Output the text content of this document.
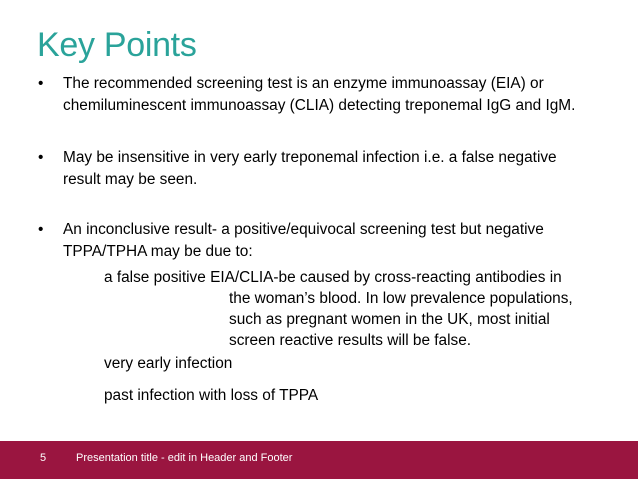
Key Points
•	The recommended screening test is an enzyme immunoassay (EIA) or
chemiluminescent immunoassay (CLIA) detecting treponemal IgG and IgM.
•	May be insensitive in very early treponemal infection i.e. a false negative
result may be seen.
•	An inconclusive result- a positive/equivocal screening test but negative
TPPA/TPHA may be due to:
a false positive EIA/CLIA-be caused by cross-reacting antibodies in
the woman’s blood. In low prevalence populations,
such as pregnant women in the UK, most initial
screen reactive results will be false.
very early infection
past infection with loss of TPPA
5	Presentation title - edit in Header and Footer
